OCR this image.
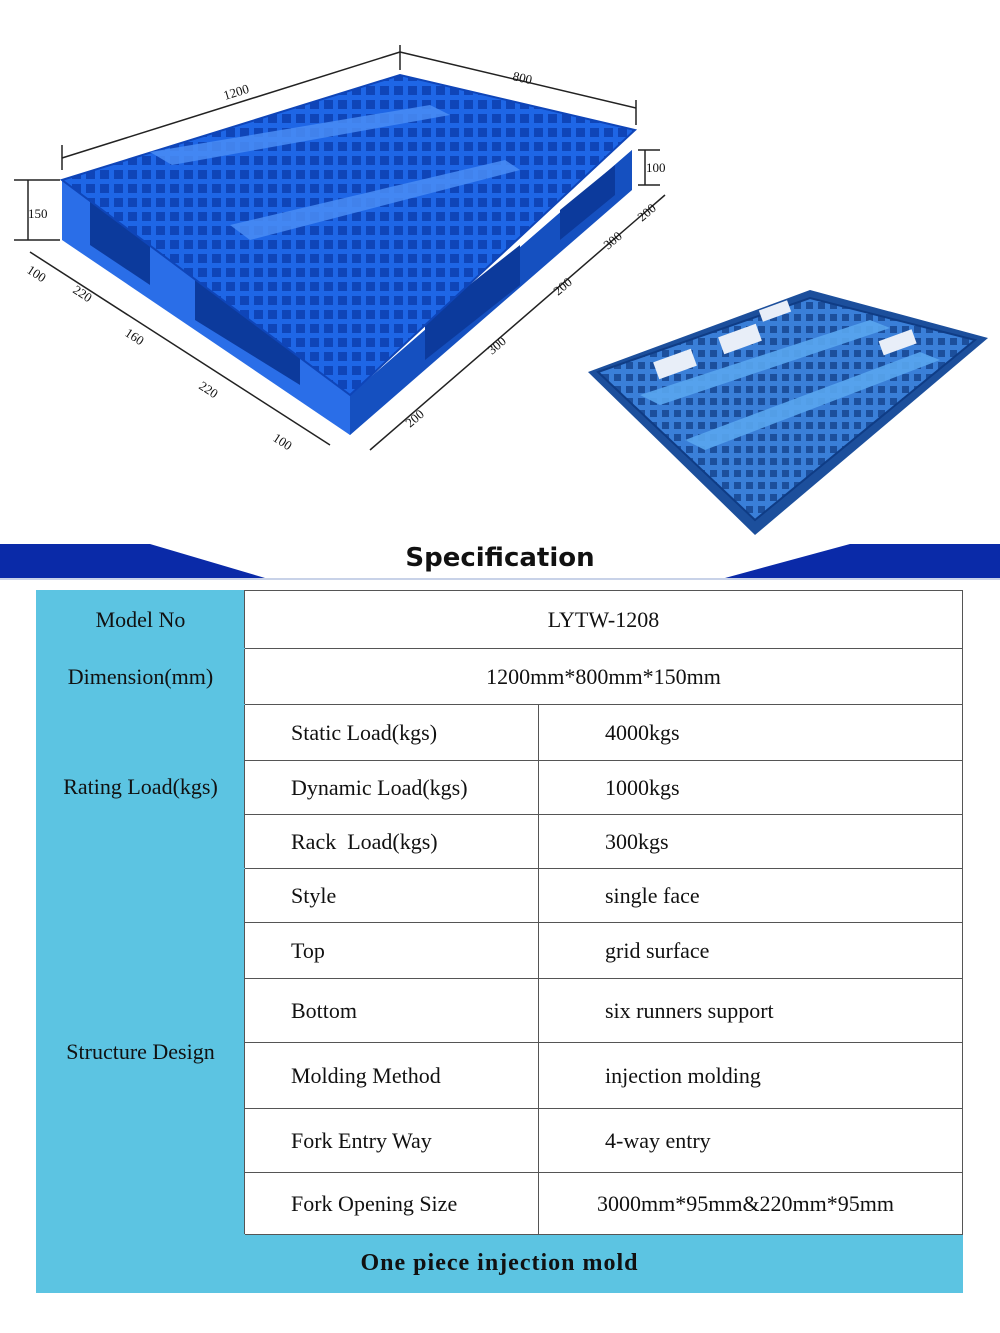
1200
800
150
100
100
220
160
220
100
200
300
200
300
200
Specification
Model No	LYTW-1208	
Dimension(mm)	1200mm*800mm*150mm	
Rating Load(kgs)	Static Load(kgs)	4000kgs
	Dynamic Load(kgs)	1000kgs
	Rack  Load(kgs)	300kgs
Structure Design	Style	single face
	Top	grid surface
	Bottom	six runners support
	Molding Method	injection molding
	Fork Entry Way	4-way entry
	Fork Opening Size	3000mm*95mm&220mm*95mm
One piece injection mold		
